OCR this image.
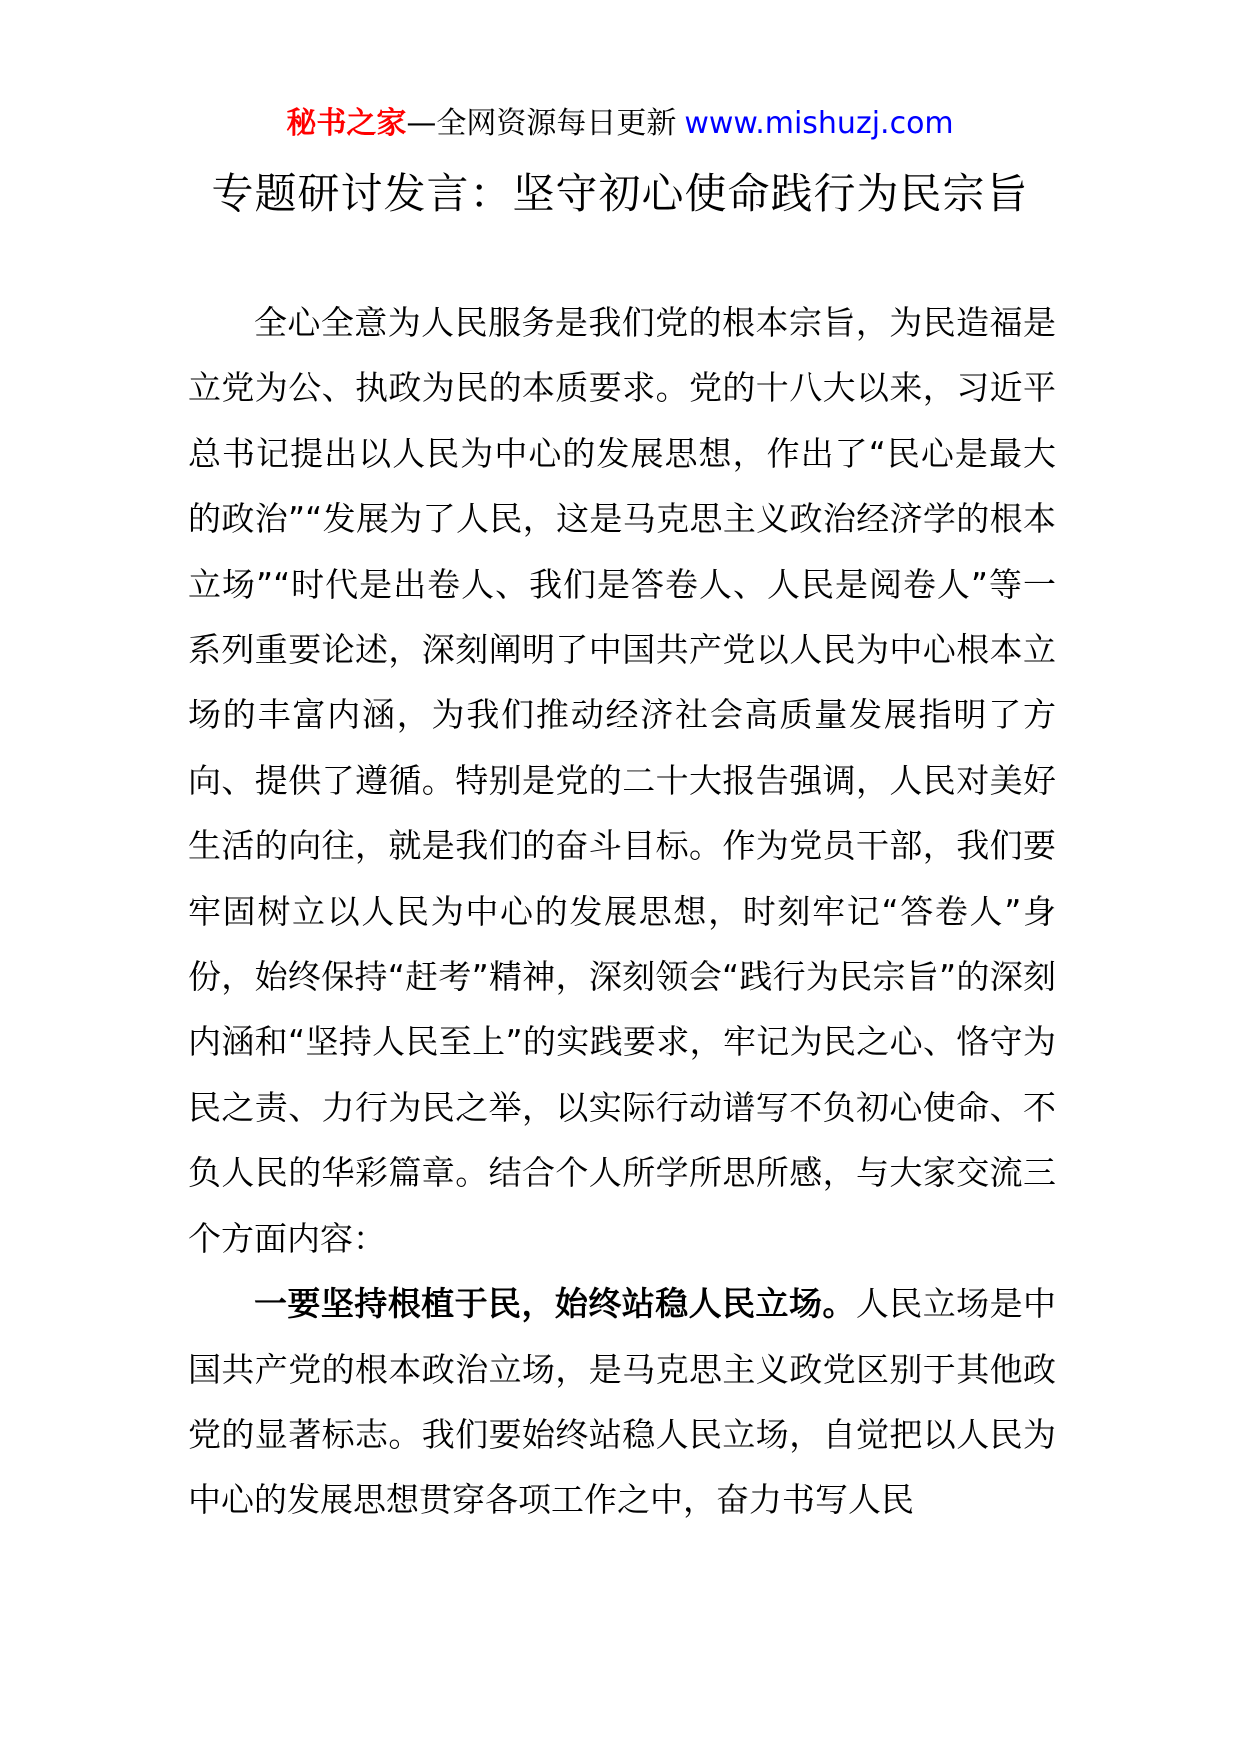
秘书之家—全网资源每日更新 www.mishuzj.com
专题研讨发言：坚守初心使命践行为民宗旨

全心全意为人民服务是我们党的根本宗旨，为民造福是立党为公、执政为民的本质要求。党的十八大以来，习近平总书记提出以人民为中心的发展思想，作出了“民心是最大的政治”“发展为了人民，这是马克思主义政治经济学的根本立场”“时代是出卷人、我们是答卷人、人民是阅卷人”等一系列重要论述，深刻阐明了中国共产党以人民为中心根本立场的丰富内涵，为我们推动经济社会高质量发展指明了方向、提供了遵循。特别是党的二十大报告强调，人民对美好生活的向往，就是我们的奋斗目标。作为党员干部，我们要牢固树立以人民为中心的发展思想，时刻牢记“答卷人”身份，始终保持“赶考”精神，深刻领会“践行为民宗旨”的深刻内涵和“坚持人民至上”的实践要求，牢记为民之心、恪守为民之责、力行为民之举，以实际行动谱写不负初心使命、不负人民的华彩篇章。结合个人所学所思所感，与大家交流三个方面内容：

一要坚持根植于民，始终站稳人民立场。人民立场是中国共产党的根本政治立场，是马克思主义政党区别于其他政党的显著标志。我们要始终站稳人民立场，自觉把以人民为中心的发展思想贯穿各项工作之中，奋力书写人民
